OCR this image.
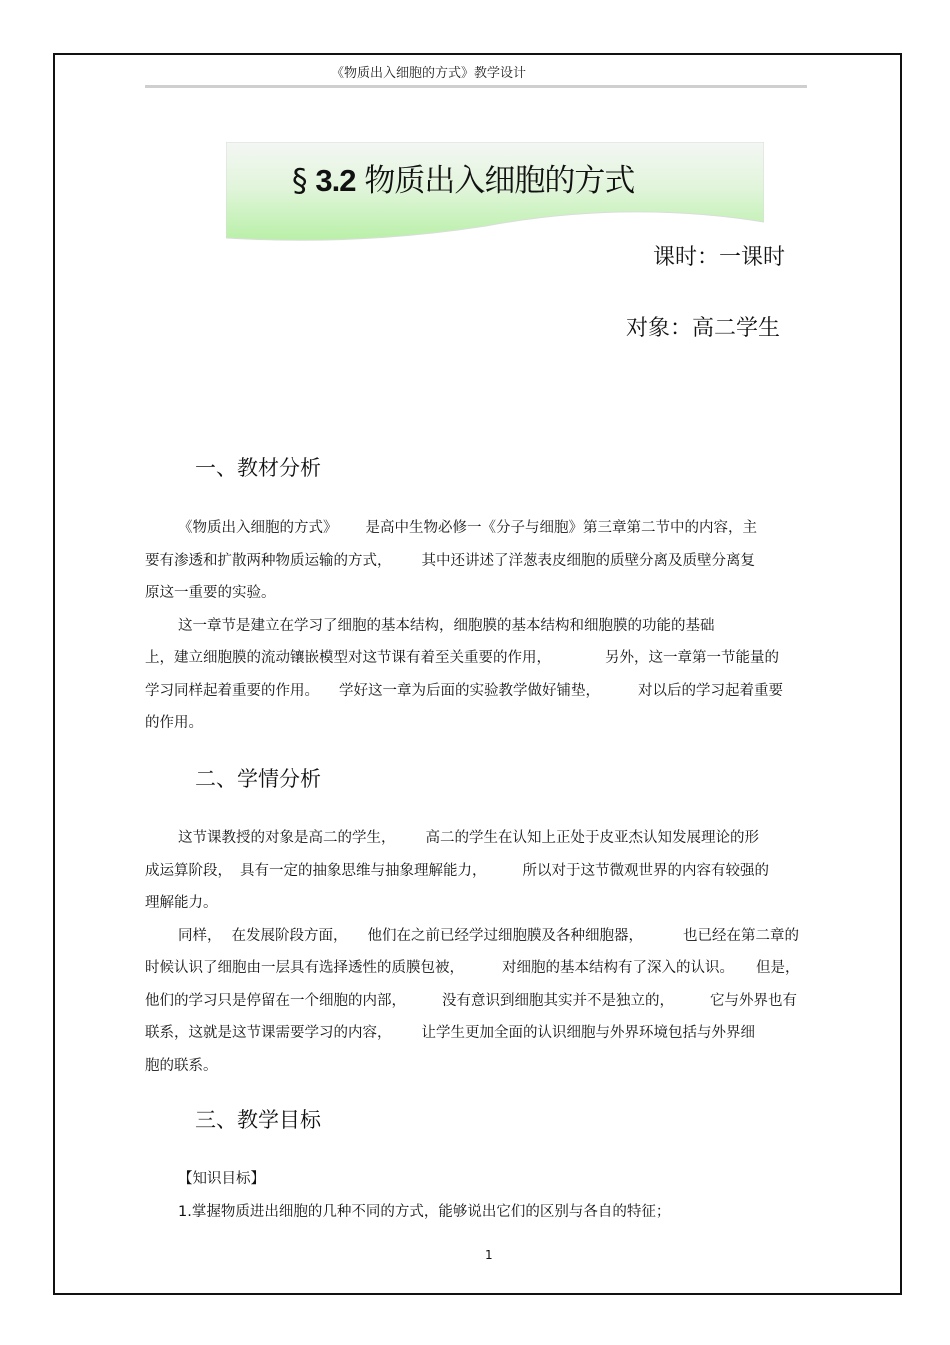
《物质出入细胞的方式》教学设计
§ 3.2 物质出入细胞的方式
课时：一课时
对象：高二学生
一、教材分析
《物质出入细胞的方式》 是高中生物必修一《分子与细胞》第三章第二节中的内容，主
要有渗透和扩散两种物质运输的方式， 其中还讲述了洋葱表皮细胞的质壁分离及质壁分离复
原这一重要的实验。
这一章节是建立在学习了细胞的基本结构，细胞膜的基本结构和细胞膜的功能的基础
上，建立细胞膜的流动镶嵌模型对这节课有着至关重要的作用，	另外，这一章第一节能量的
学习同样起着重要的作用。 学好这一章为后面的实验教学做好铺垫，	对以后的学习起着重要
的作用。
二、学情分析
这节课教授的对象是高二的学生， 高二的学生在认知上正处于皮亚杰认知发展理论的形
成运算阶段， 具有一定的抽象思维与抽象理解能力， 所以对于这节微观世界的内容有较强的
理解能力。
同样， 在发展阶段方面， 他们在之前已经学过细胞膜及各种细胞器，	也已经在第二章的
时候认识了细胞由一层具有选择透性的质膜包被，	对细胞的基本结构有了深入的认识。 但是，
他们的学习只是停留在一个细胞的内部， 没有意识到细胞其实并不是独立的， 它与外界也有
联系，这就是这节课需要学习的内容， 让学生更加全面的认识细胞与外界环境包括与外界细
胞的联系。
三、教学目标
【知识目标】
1.掌握物质进出细胞的几种不同的方式，能够说出它们的区别与各自的特征；
1
